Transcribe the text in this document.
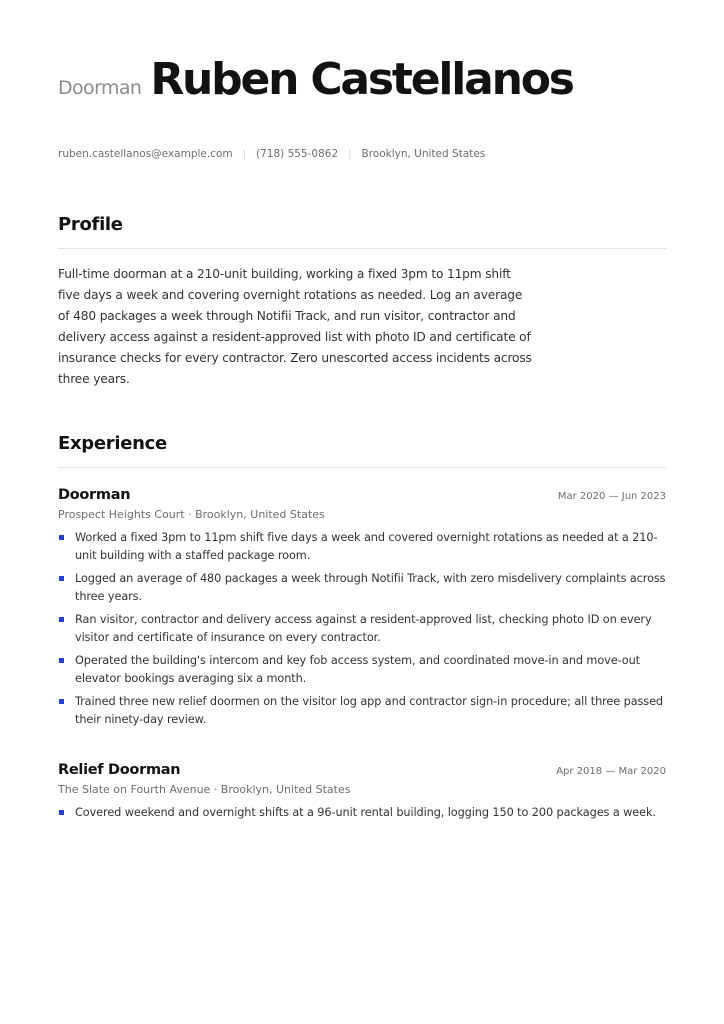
Doorman Ruben Castellanos
ruben.castellanos@example.com | (718) 555-0862 | Brooklyn, United States
Profile
Full-time doorman at a 210-unit building, working a fixed 3pm to 11pm shift five days a week and covering overnight rotations as needed. Log an average of 480 packages a week through Notifii Track, and run visitor, contractor and delivery access against a resident-approved list with photo ID and certificate of insurance checks for every contractor. Zero unescorted access incidents across three years.
Experience
Doorman	Mar 2020 — Jun 2023
Prospect Heights Court · Brooklyn, United States
Worked a fixed 3pm to 11pm shift five days a week and covered overnight rotations as needed at a 210-unit building with a staffed package room.
Logged an average of 480 packages a week through Notifii Track, with zero misdelivery complaints across three years.
Ran visitor, contractor and delivery access against a resident-approved list, checking photo ID on every visitor and certificate of insurance on every contractor.
Operated the building's intercom and key fob access system, and coordinated move-in and move-out elevator bookings averaging six a month.
Trained three new relief doormen on the visitor log app and contractor sign-in procedure; all three passed their ninety-day review.
Relief Doorman	Apr 2018 — Mar 2020
The Slate on Fourth Avenue · Brooklyn, United States
Covered weekend and overnight shifts at a 96-unit rental building, logging 150 to 200 packages a week.
